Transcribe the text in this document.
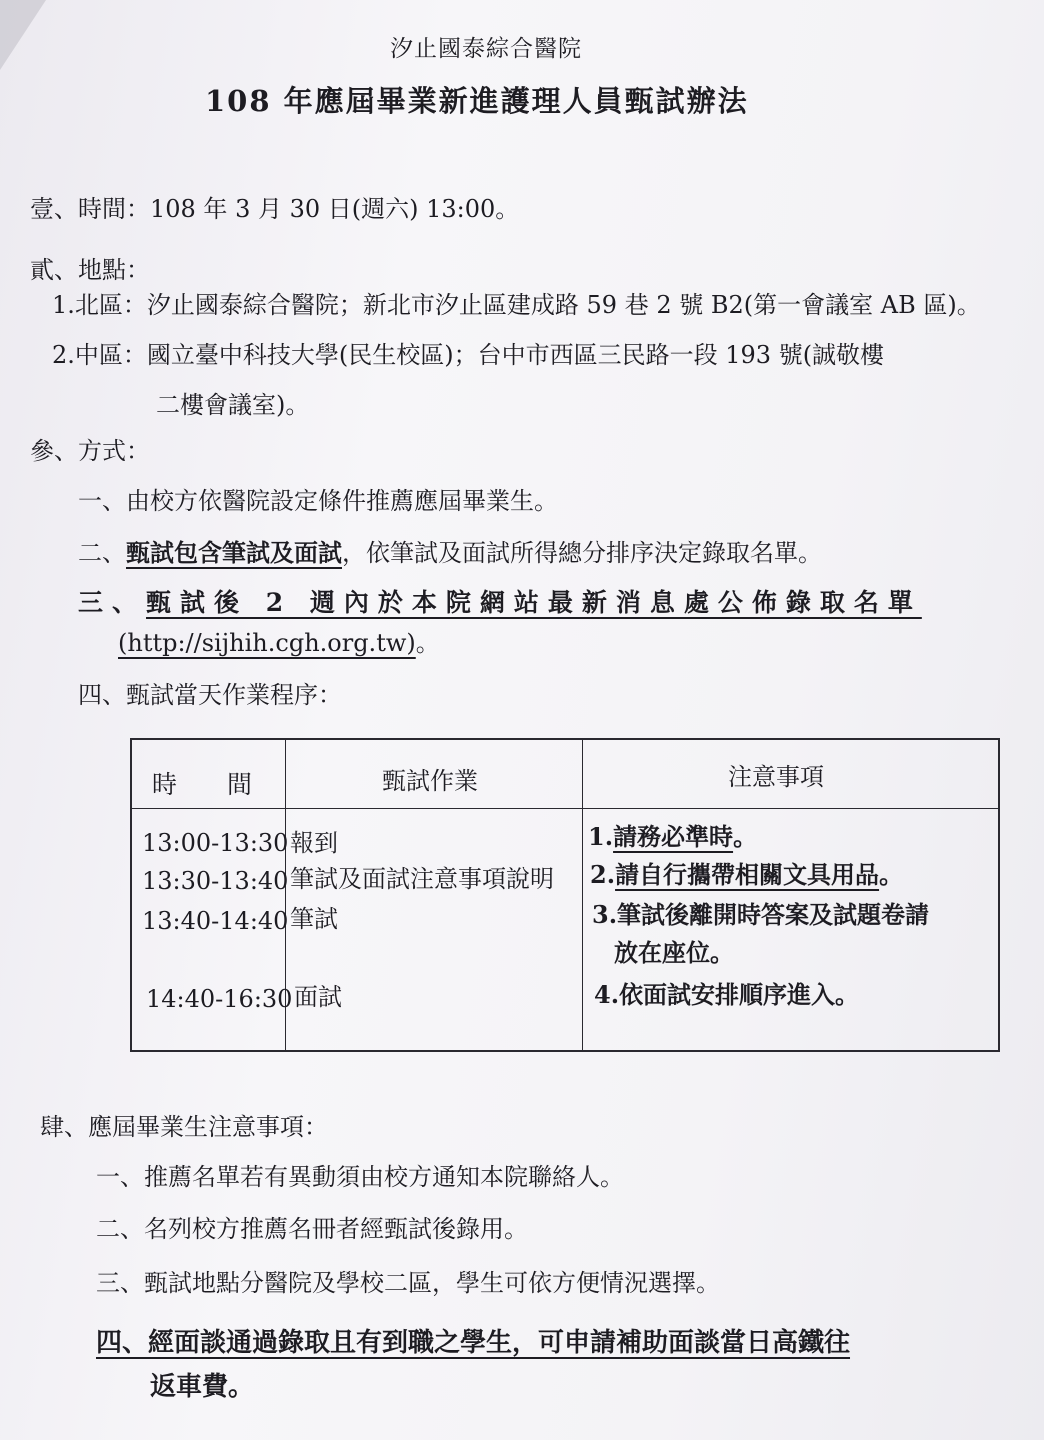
汐止國泰綜合醫院
108 年應屆畢業新進護理人員甄試辦法
壹、時間：108 年 3 月 30 日(週六) 13:00。
貳、地點：
1.北區：汐止國泰綜合醫院；新北市汐止區建成路 59 巷 2 號 B2(第一會議室 AB 區)。
2.中區：國立臺中科技大學(民生校區)；台中市西區三民路一段 193 號(誠敬樓
二樓會議室)。
參、方式：
一、由校方依醫院設定條件推薦應屆畢業生。
二、甄試包含筆試及面試，依筆試及面試所得總分排序決定錄取名單。
三、甄試後 2 週內於本院網站最新消息處公佈錄取名單
(http://sijhih.cgh.org.tw)。
四、甄試當天作業程序：
時　　間	甄試作業	注意事項
13:00-13:30 報到
13:30-13:40 筆試及面試注意事項說明
13:40-14:40 筆試
14:40-16:30 面試
1.請務必準時。
2.請自行攜帶相關文具用品。
3.筆試後離開時答案及試題卷請
放在座位。
4.依面試安排順序進入。
肆、應屆畢業生注意事項：
一、推薦名單若有異動須由校方通知本院聯絡人。
二、名列校方推薦名冊者經甄試後錄用。
三、甄試地點分醫院及學校二區，學生可依方便情況選擇。
四、經面談通過錄取且有到職之學生，可申請補助面談當日高鐵往
返車費。
